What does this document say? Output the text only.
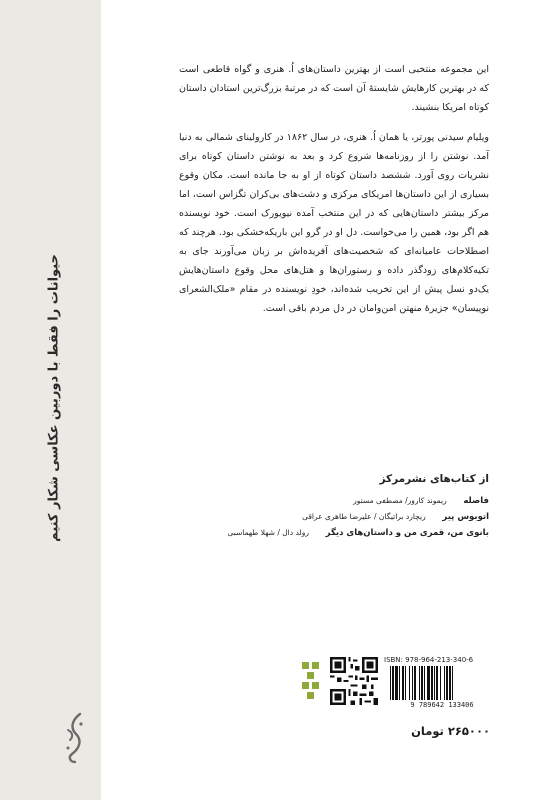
حیوانات را فقط با دوربین عکاسی شکار کنیم

این مجموعه منتخبی است از بهترین داستان‌های اُ. هنری و گواه قاطعی است که در بهترین کارهایش شایستهٔ آن است که در مرتبهٔ بزرگ‌ترین استادان داستان کوتاه امریکا بنشیند.

ویلیام سیدنی پورتر، یا همان اُ. هنری، در سال ۱۸۶۲ در کارولینای شمالی به دنیا آمد. نوشتن را از روزنامه‌ها شروع کرد و بعد به نوشتن داستان کوتاه برای نشریات روی آورد. ششصد داستان کوتاه از او به جا مانده است. مکان وقوع بسیاری از این داستان‌ها امریکای مرکزی و دشت‌های بی‌کران تگزاس است، اما مرکز بیشتر داستان‌هایی که در این منتخب آمده نیویورک است. خود نویسنده هم اگر بود، همین را می‌خواست. دل او در گرو این باریکه‌خشکی بود. هرچند که اصطلاحات عامیانه‌ای که شخصیت‌های آفریده‌اش بر زبان می‌آورند جای به تکیه‌کلام‌های زودگذر داده و رستوران‌ها و هتل‌های محل وقوع داستان‌هایش یک‌دو نسل پیش از این تخریب شده‌اند، خودِ نویسنده در مقام «ملک‌الشعرای نوپیسان» جزیرهٔ منهتن امن‌وامان در دل مردم باقی است.

از کتاب‌های نشرمرکز
فاصله ریموند کارور/ مصطفی مستور
اتوبوس پیر ریچارد براتیگان / علیرضا طاهری عراقی
بانوی من، قمری من و داستان‌های دیگر رولد دال / شهلا طهماسبی
ISBN: 978-964-213-340-6
9 789642 133406
۲۶۵۰۰۰ تومان
